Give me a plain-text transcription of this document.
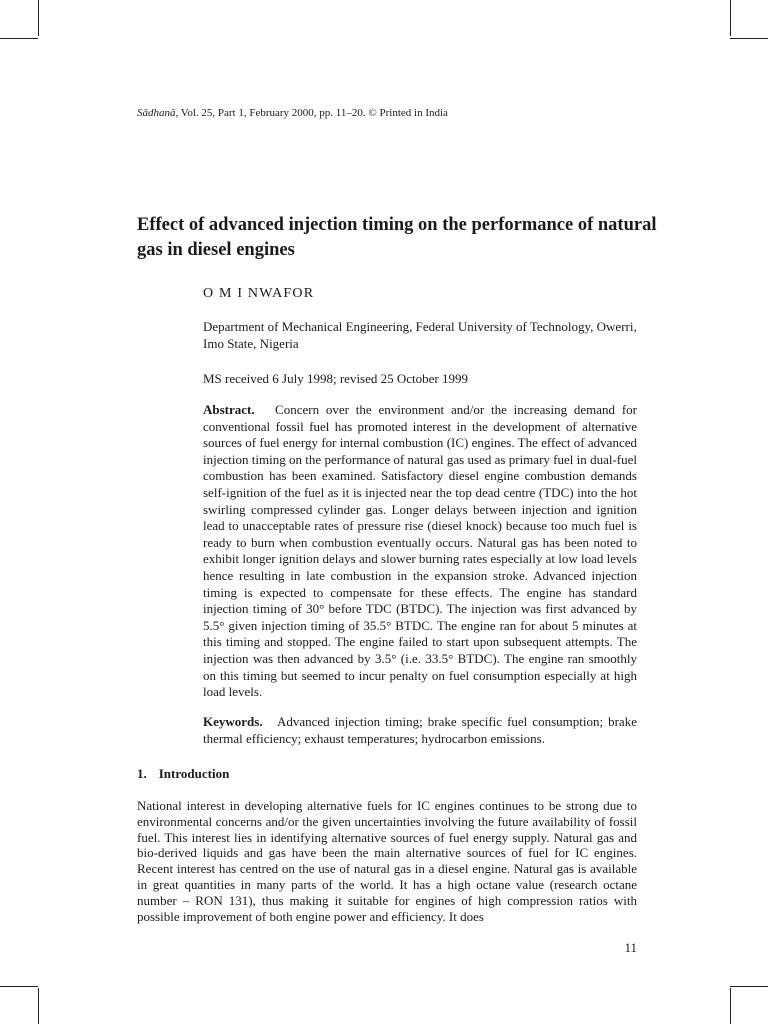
Sādhanā, Vol. 25, Part 1, February 2000, pp. 11–20. © Printed in India
Effect of advanced injection timing on the performance of natural gas in diesel engines
O M I NWAFOR
Department of Mechanical Engineering, Federal University of Technology, Owerri, Imo State, Nigeria
MS received 6 July 1998; revised 25 October 1999

Abstract. Concern over the environment and/or the increasing demand for conventional fossil fuel has promoted interest in the development of alternative sources of fuel energy for internal combustion (IC) engines. The effect of advanced injection timing on the performance of natural gas used as primary fuel in dual-fuel combustion has been examined. Satisfactory diesel engine combustion demands self-ignition of the fuel as it is injected near the top dead centre (TDC) into the hot swirling compressed cylinder gas. Longer delays between injection and ignition lead to unacceptable rates of pressure rise (diesel knock) because too much fuel is ready to burn when combustion eventually occurs. Natural gas has been noted to exhibit longer ignition delays and slower burning rates especially at low load levels hence resulting in late combustion in the expansion stroke. Advanced injection timing is expected to compensate for these effects. The engine has standard injection timing of 30° before TDC (BTDC). The injection was first advanced by 5.5° given injection timing of 35.5° BTDC. The engine ran for about 5 minutes at this timing and stopped. The engine failed to start upon subsequent attempts. The injection was then advanced by 3.5° (i.e. 33.5° BTDC). The engine ran smoothly on this timing but seemed to incur penalty on fuel consumption especially at high load levels.

Keywords. Advanced injection timing; brake specific fuel consumption; brake thermal efficiency; exhaust temperatures; hydrocarbon emissions.

1. Introduction

National interest in developing alternative fuels for IC engines continues to be strong due to environmental concerns and/or the given uncertainties involving the future availability of fossil fuel. This interest lies in identifying alternative sources of fuel energy supply. Natural gas and bio-derived liquids and gas have been the main alternative sources of fuel for IC engines. Recent interest has centred on the use of natural gas in a diesel engine. Natural gas is available in great quantities in many parts of the world. It has a high octane value (research octane number – RON 131), thus making it suitable for engines of high compression ratios with possible improvement of both engine power and efficiency. It does

11
